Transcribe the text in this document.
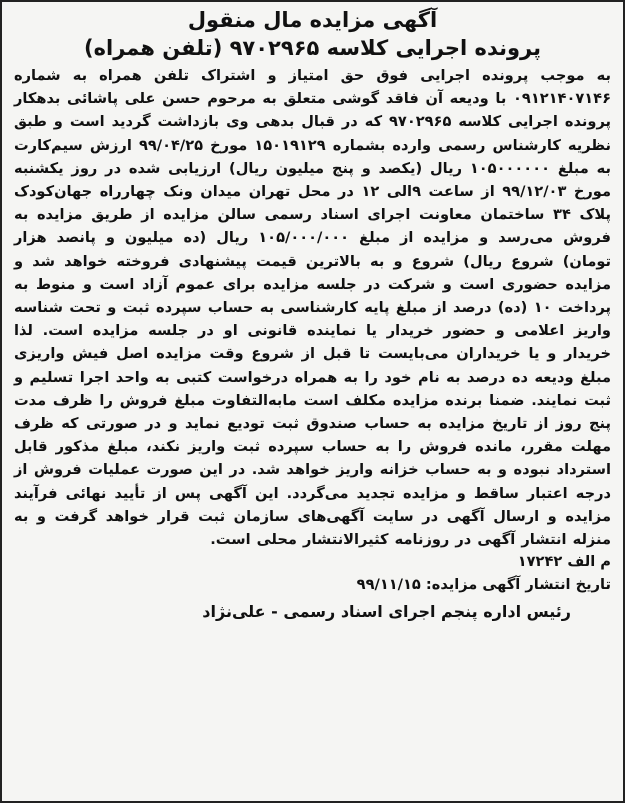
آگهی مزایده مال منقول

پرونده اجرایی کلاسه ۹۷۰۲۹۶۵ (تلفن همراه)

به موجب پرونده اجرایی فوق حق امتیاز و اشتراک تلفن همراه به شماره ۰۹۱۲۱۴۰۷۱۴۶ با ودیعه آن فاقد گوشی متعلق به مرحوم حسن علی پاشائی بدهکار پرونده اجرایی کلاسه ۹۷۰۲۹۶۵ که در قبال بدهی وی بازداشت گردید است و طبق نظریه کارشناس رسمی وارده بشماره ۱۵۰۱۹۱۲۹ مورخ ۹۹/۰۴/۲۵ ارزش سیم‌کارت به مبلغ ۱۰۵۰۰۰۰۰۰ ریال (یکصد و پنج میلیون ریال) ارزیابی شده در روز یکشنبه مورخ ۹۹/۱۲/۰۳ از ساعت ۹الی ۱۲ در محل تهران میدان ونک چهارراه جهان‌کودک پلاک ۳۴ ساختمان معاونت اجرای اسناد رسمی سالن مزایده از طریق مزایده به فروش می‌رسد و مزایده از مبلغ ۱۰۵/۰۰۰/۰۰۰ ریال (ده میلیون و پانصد هزار تومان) شروع ریال) شروع و به بالاترین قیمت پیشنهادی فروخته خواهد شد و مزایده حضوری است و شرکت در جلسه مزایده برای عموم آزاد است و منوط به پرداخت ۱۰ (ده) درصد از مبلغ پایه کارشناسی به حساب سپرده ثبت و تحت شناسه واریز اعلامی و حضور خریدار یا نماینده قانونی او در جلسه مزایده است. لذا خریدار و یا خریداران می‌بایست تا قبل از شروع وقت مزایده اصل فیش واریزی مبلغ ودیعه ده درصد به نام خود را به همراه درخواست کتبی به واحد اجرا تسلیم و ثبت نمایند. ضمنا برنده مزایده مکلف است مابه‌التفاوت مبلغ فروش را ظرف مدت پنج روز از تاریخ مزایده به حساب صندوق ثبت تودیع نماید و در صورتی که ظرف مهلت مقرر، مانده فروش را به حساب سپرده ثبت واریز نکند، مبلغ مذکور قابل استرداد نبوده و به حساب خزانه واریز خواهد شد. در این صورت عملیات فروش از درجه اعتبار ساقط و مزایده تجدید می‌گردد. این آگهی پس از تأیید نهائی فرآیند مزایده و ارسال آگهی در سایت آگهی‌های سازمان ثبت قرار خواهد گرفت و به منزله انتشار آگهی در روزنامه کثیرالانتشار محلی است.

م الف ۱۷۲۴۲

تاریخ انتشار آگهی مزایده: ۹۹/۱۱/۱۵

رئیس اداره پنجم اجرای اسناد رسمی - علی‌نژاد
